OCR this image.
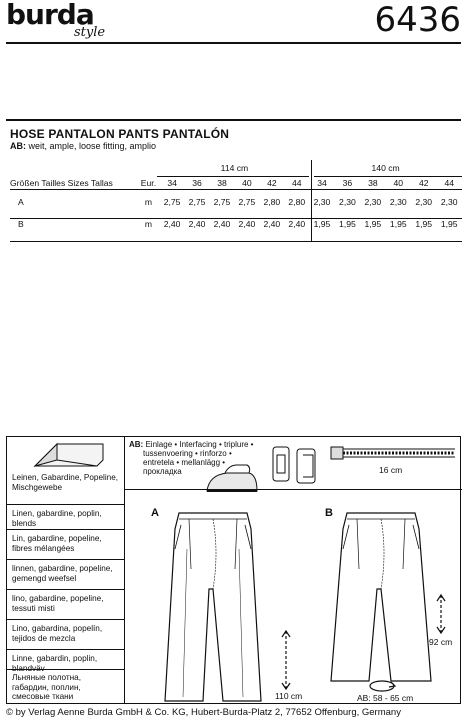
burda
style	6436
HOSE PANTALON PANTS PANTALÓN
AB: weit, ample, loose fitting, amplio
		114 cm						140 cm					
Größen Tailles Sizes Tallas	Eur.	34	36	38	40	42	44	34	36	38	40	42	44
A	m	2,75	2,75	2,75	2,75	2,80	2,80	2,30	2,30	2,30	2,30	2,30	2,30
B	m	2,40	2,40	2,40	2,40	2,40	2,40	1,95	1,95	1,95	1,95	1,95	1,95
Leinen, Gabardine, Popeline, Mischgewebe
Linen, gabardine, poplin, blends
Lin, gabardine, popeline, fibres mélangées
linnen, gabardine, popeline, gemengd weefsel
lino, gabardine, popeline, tessuti misti
Lino, gabardina, popelín, tejidos de mezcla
Linne, gabardin, poplin,
Льняные полотна, габардин, поплин, смесовые ткани
AB: Einlage • Interfacing • triplure •
tussenvoering • rinforzo •
entretela • mellanlägg •
прокладка	16 cm
A
110 cm
B
92 cm
AB: 58 - 65 cm
© by Verlag Aenne Burda GmbH & Co. KG, Hubert-Burda-Platz 2, 77652 Offenburg, Germany
